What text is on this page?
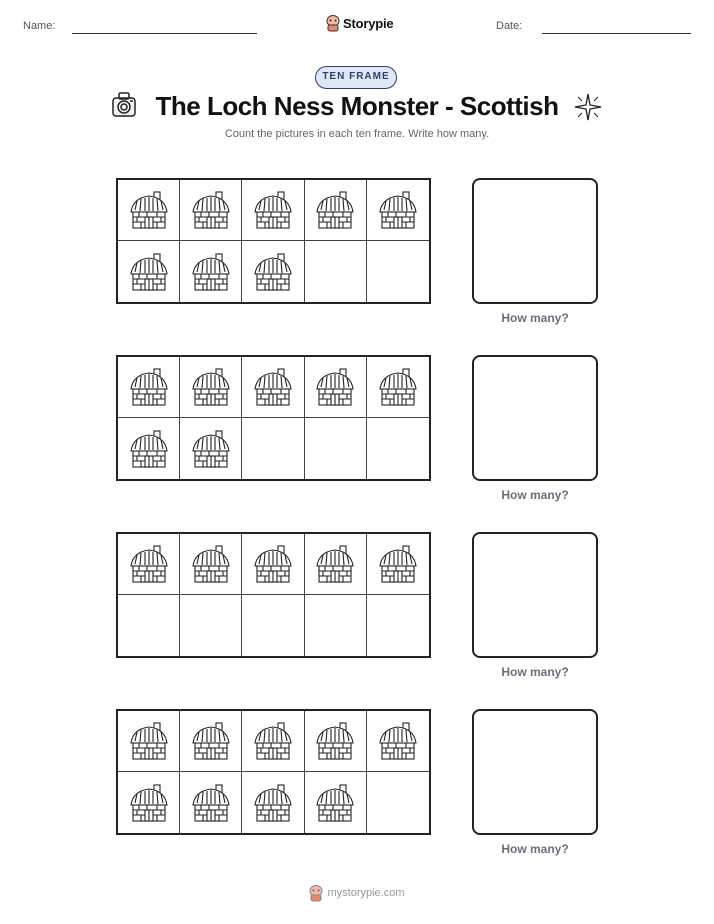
Name:	Storypie	Date:
TEN FRAME
The Loch Ness Monster - Scottish
Count the pictures in each ten frame. Write how many.
How many?
How many?
How many?
How many?
mystorypie.com
